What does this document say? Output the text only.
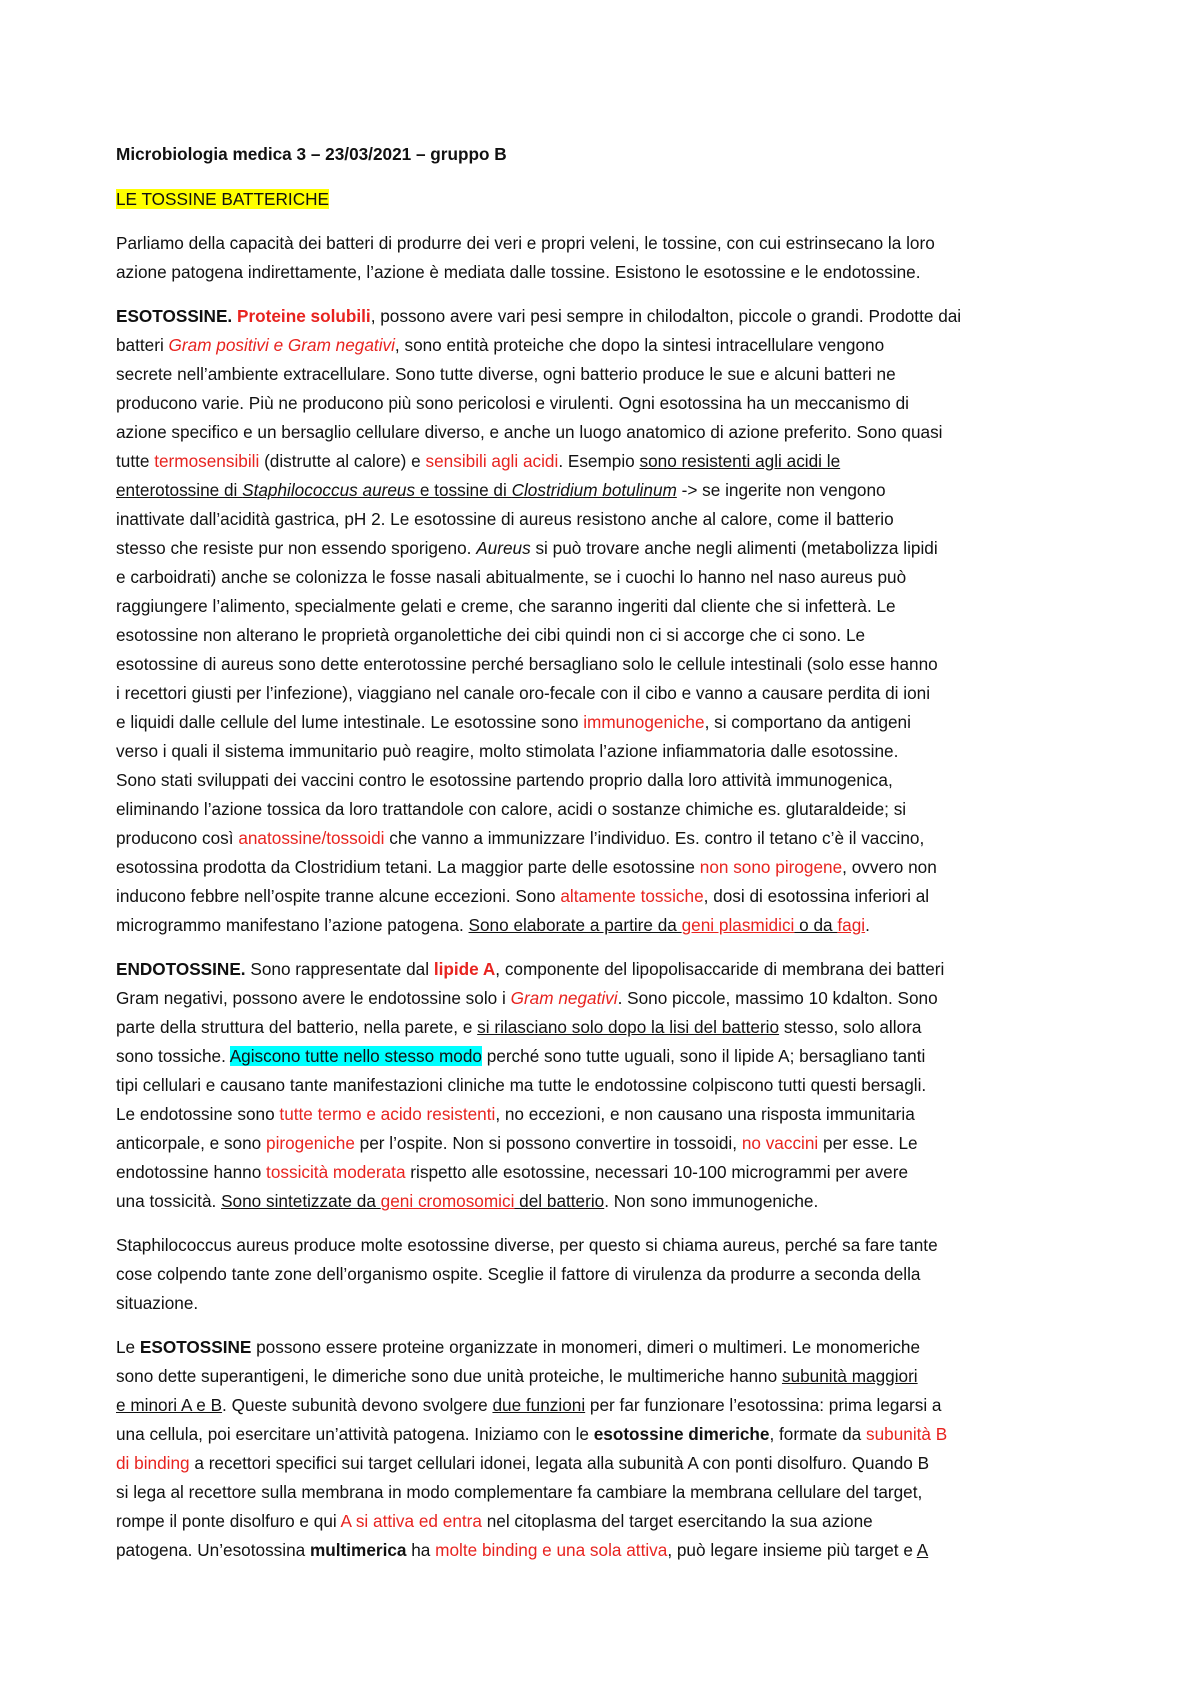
Microbiologia medica 3 – 23/03/2021 – gruppo B
LE TOSSINE BATTERICHE
Parliamo della capacità dei batteri di produrre dei veri e propri veleni, le tossine, con cui estrinsecano la loro
azione patogena indirettamente, l’azione è mediata dalle tossine. Esistono le esotossine e le endotossine.
ESOTOSSINE. Proteine solubili, possono avere vari pesi sempre in chilodalton, piccole o grandi. Prodotte dai
batteri Gram positivi e Gram negativi, sono entità proteiche che dopo la sintesi intracellulare vengono
secrete nell’ambiente extracellulare. Sono tutte diverse, ogni batterio produce le sue e alcuni batteri ne
producono varie. Più ne producono più sono pericolosi e virulenti. Ogni esotossina ha un meccanismo di
azione specifico e un bersaglio cellulare diverso, e anche un luogo anatomico di azione preferito. Sono quasi
tutte termosensibili (distrutte al calore) e sensibili agli acidi. Esempio sono resistenti agli acidi le
enterotossine di Staphilococcus aureus e tossine di Clostridium botulinum -> se ingerite non vengono
inattivate dall’acidità gastrica, pH 2. Le esotossine di aureus resistono anche al calore, come il batterio
stesso che resiste pur non essendo sporigeno. Aureus si può trovare anche negli alimenti (metabolizza lipidi
e carboidrati) anche se colonizza le fosse nasali abitualmente, se i cuochi lo hanno nel naso aureus può
raggiungere l’alimento, specialmente gelati e creme, che saranno ingeriti dal cliente che si infetterà. Le
esotossine non alterano le proprietà organolettiche dei cibi quindi non ci si accorge che ci sono. Le
esotossine di aureus sono dette enterotossine perché bersagliano solo le cellule intestinali (solo esse hanno
i recettori giusti per l’infezione), viaggiano nel canale oro-fecale con il cibo e vanno a causare perdita di ioni
e liquidi dalle cellule del lume intestinale. Le esotossine sono immunogeniche, si comportano da antigeni
verso i quali il sistema immunitario può reagire, molto stimolata l’azione infiammatoria dalle esotossine.
Sono stati sviluppati dei vaccini contro le esotossine partendo proprio dalla loro attività immunogenica,
eliminando l’azione tossica da loro trattandole con calore, acidi o sostanze chimiche es. glutaraldeide; si
producono così anatossine/tossoidi che vanno a immunizzare l’individuo. Es. contro il tetano c’è il vaccino,
esotossina prodotta da Clostridium tetani. La maggior parte delle esotossine non sono pirogene, ovvero non
inducono febbre nell’ospite tranne alcune eccezioni. Sono altamente tossiche, dosi di esotossina inferiori al
microgrammo manifestano l’azione patogena. Sono elaborate a partire da geni plasmidici o da fagi.
ENDOTOSSINE. Sono rappresentate dal lipide A, componente del lipopolisaccaride di membrana dei batteri
Gram negativi, possono avere le endotossine solo i Gram negativi. Sono piccole, massimo 10 kdalton. Sono
parte della struttura del batterio, nella parete, e si rilasciano solo dopo la lisi del batterio stesso, solo allora
sono tossiche. Agiscono tutte nello stesso modo perché sono tutte uguali, sono il lipide A; bersagliano tanti
tipi cellulari e causano tante manifestazioni cliniche ma tutte le endotossine colpiscono tutti questi bersagli.
Le endotossine sono tutte termo e acido resistenti, no eccezioni, e non causano una risposta immunitaria
anticorpale, e sono pirogeniche per l’ospite. Non si possono convertire in tossoidi, no vaccini per esse. Le
endotossine hanno tossicità moderata rispetto alle esotossine, necessari 10-100 microgrammi per avere
una tossicità. Sono sintetizzate da geni cromosomici del batterio. Non sono immunogeniche.
Staphilococcus aureus produce molte esotossine diverse, per questo si chiama aureus, perché sa fare tante
cose colpendo tante zone dell’organismo ospite. Sceglie il fattore di virulenza da produrre a seconda della
situazione.
Le ESOTOSSINE possono essere proteine organizzate in monomeri, dimeri o multimeri. Le monomeriche
sono dette superantigeni, le dimeriche sono due unità proteiche, le multimeriche hanno subunità maggiori
e minori A e B. Queste subunità devono svolgere due funzioni per far funzionare l’esotossina: prima legarsi a
una cellula, poi esercitare un’attività patogena. Iniziamo con le esotossine dimeriche, formate da subunità B
di binding a recettori specifici sui target cellulari idonei, legata alla subunità A con ponti disolfuro. Quando B
si lega al recettore sulla membrana in modo complementare fa cambiare la membrana cellulare del target,
rompe il ponte disolfuro e qui A si attiva ed entra nel citoplasma del target esercitando la sua azione
patogena. Un’esotossina multimerica ha molte binding e una sola attiva, può legare insieme più target e A
